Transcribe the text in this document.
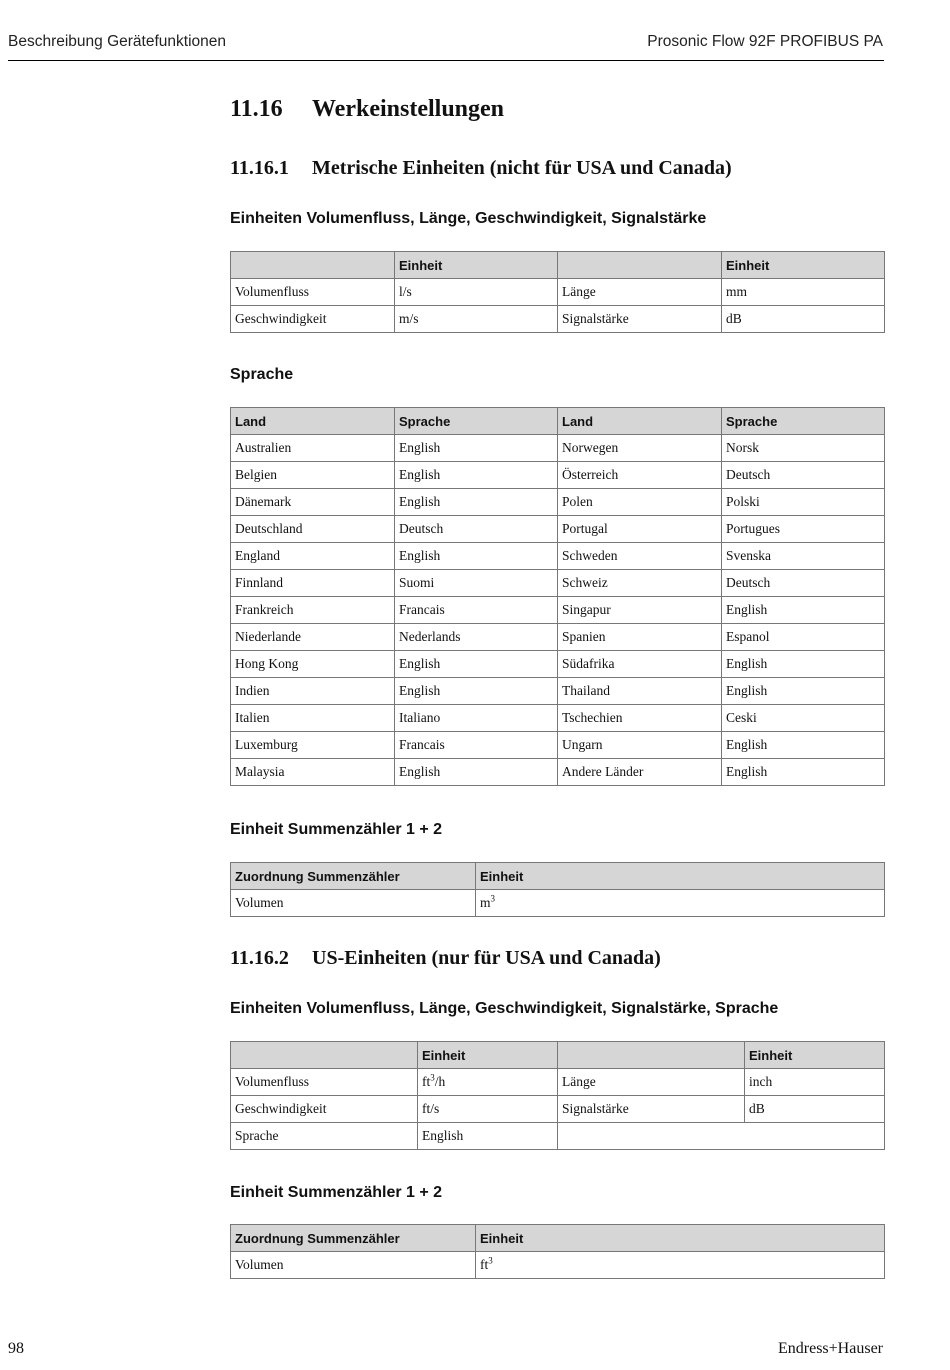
Beschreibung Gerätefunktionen	Prosonic Flow 92F PROFIBUS PA
11.16 Werkeinstellungen
11.16.1 Metrische Einheiten (nicht für USA und Canada)
Einheiten Volumenfluss, Länge, Geschwindigkeit, Signalstärke
	Einheit		Einheit
Volumenfluss	l/s	Länge	mm
Geschwindigkeit	m/s	Signalstärke	dB
Sprache
Land	Sprache	Land	Sprache
Australien	English	Norwegen	Norsk
Belgien	English	Österreich	Deutsch
Dänemark	English	Polen	Polski
Deutschland	Deutsch	Portugal	Portugues
England	English	Schweden	Svenska
Finnland	Suomi	Schweiz	Deutsch
Frankreich	Francais	Singapur	English
Niederlande	Nederlands	Spanien	Espanol
Hong Kong	English	Südafrika	English
Indien	English	Thailand	English
Italien	Italiano	Tschechien	Ceski
Luxemburg	Francais	Ungarn	English
Malaysia	English	Andere Länder	English
Einheit Summenzähler 1 + 2
Zuordnung Summenzähler	Einheit
Volumen	$m^3$
11.16.2 US-Einheiten (nur für USA und Canada)
Einheiten Volumenfluss, Länge, Geschwindigkeit, Signalstärke, Sprache
	Einheit		Einheit
Volumenfluss	$ft^3/h$	Länge	inch
Geschwindigkeit	ft/s	Signalstärke	dB
Sprache	English		
Einheit Summenzähler 1 + 2
Zuordnung Summenzähler	Einheit
Volumen	$ft^3$
98	Endress+Hauser
